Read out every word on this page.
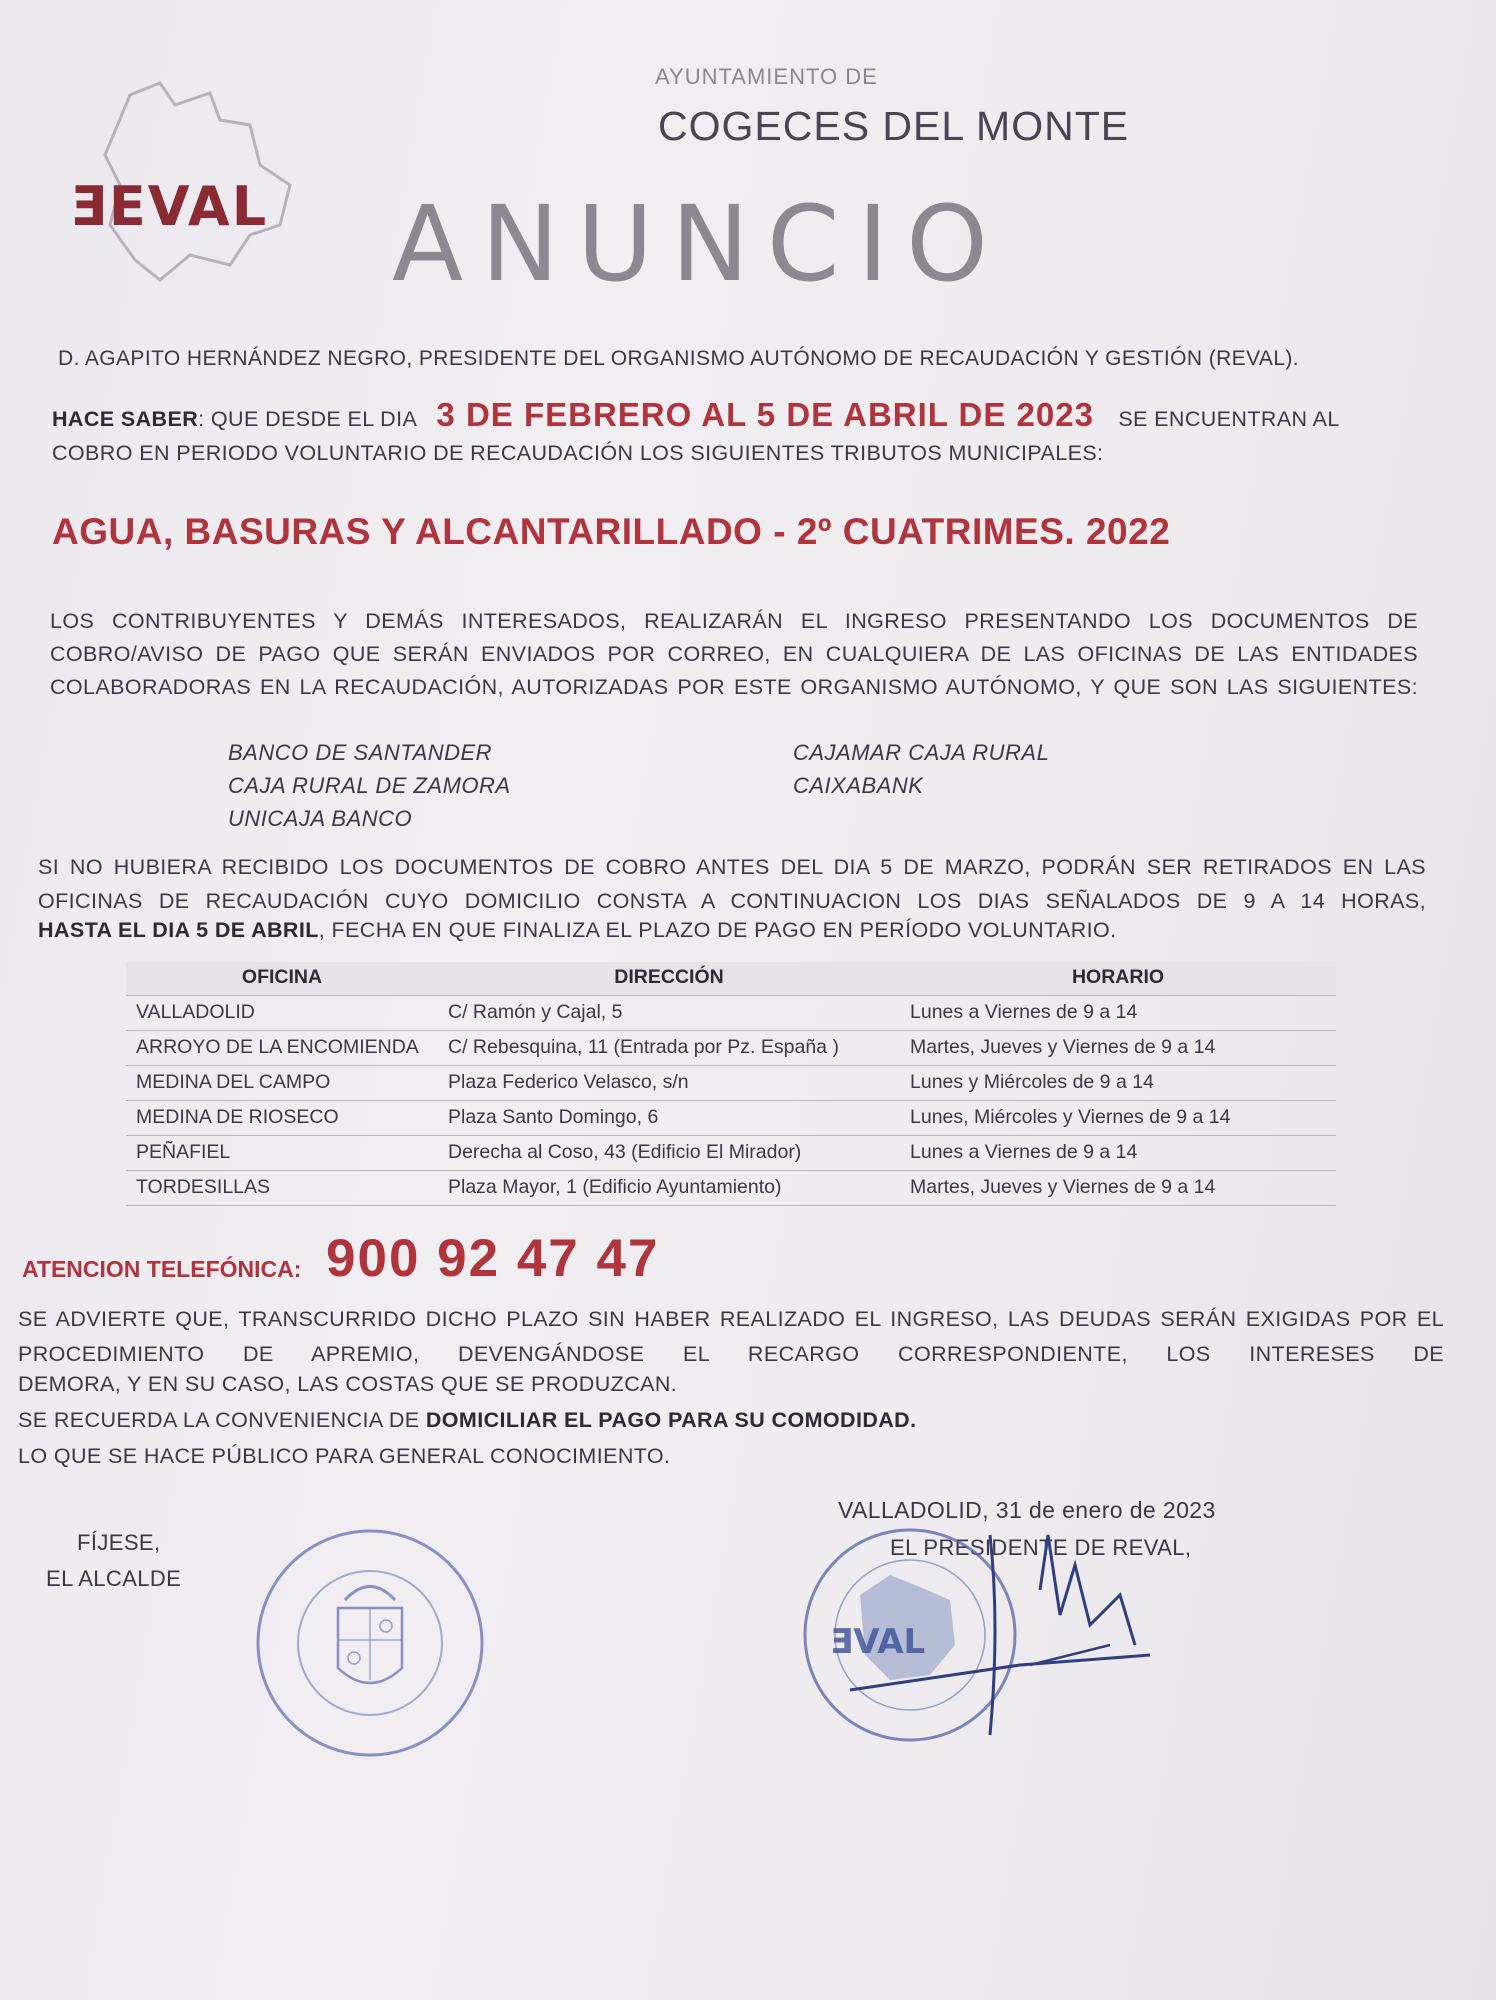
ƎEVAL
AYUNTAMIENTO DE
COGECES DEL MONTE
ANUNCIO
D. AGAPITO HERNÁNDEZ NEGRO, PRESIDENTE DEL ORGANISMO AUTÓNOMO DE RECAUDACIÓN Y GESTIÓN (REVAL).
HACE SABER: QUE DESDE EL DIA 3 DE FEBRERO AL 5 DE ABRIL DE 2023 SE ENCUENTRAN AL
COBRO EN PERIODO VOLUNTARIO DE RECAUDACIÓN LOS SIGUIENTES TRIBUTOS MUNICIPALES:
AGUA, BASURAS Y ALCANTARILLADO - 2º CUATRIMES. 2022
LOS CONTRIBUYENTES Y DEMÁS INTERESADOS, REALIZARÁN EL INGRESO PRESENTANDO LOS DOCUMENTOS DE COBRO/AVISO DE PAGO QUE SERÁN ENVIADOS POR CORREO, EN CUALQUIERA DE LAS OFICINAS DE LAS ENTIDADES COLABORADORAS EN LA RECAUDACIÓN, AUTORIZADAS POR ESTE ORGANISMO AUTÓNOMO, Y QUE SON LAS SIGUIENTES:
BANCO DE SANTANDER
CAJA RURAL DE ZAMORA
UNICAJA BANCO
CAJAMAR CAJA RURAL
CAIXABANK
SI NO HUBIERA RECIBIDO LOS DOCUMENTOS DE COBRO ANTES DEL DIA 5 DE MARZO, PODRÁN SER RETIRADOS EN LAS OFICINAS DE RECAUDACIÓN CUYO DOMICILIO CONSTA A CONTINUACION LOS DIAS SEÑALADOS DE 9 A 14 HORAS,
HASTA EL DIA 5 DE ABRIL, FECHA EN QUE FINALIZA EL PLAZO DE PAGO EN PERÍODO VOLUNTARIO.
OFICINA	DIRECCIÓN	HORARIO
VALLADOLID	C/ Ramón y Cajal, 5	Lunes a Viernes de 9 a 14
ARROYO DE LA ENCOMIENDA	C/ Rebesquina, 11 (Entrada por Pz. España )	Martes, Jueves y Viernes de 9 a 14
MEDINA DEL CAMPO	Plaza Federico Velasco, s/n	Lunes y Miércoles de 9 a 14
MEDINA DE RIOSECO	Plaza Santo Domingo, 6	Lunes, Miércoles y Viernes de 9 a 14
PEÑAFIEL	Derecha al Coso, 43 (Edificio El Mirador)	Lunes a Viernes de 9 a 14
TORDESILLAS	Plaza Mayor, 1 (Edificio Ayuntamiento)	Martes, Jueves y Viernes de 9 a 14
ATENCION TELEFÓNICA: 900 92 47 47
SE ADVIERTE QUE, TRANSCURRIDO DICHO PLAZO SIN HABER REALIZADO EL INGRESO, LAS DEUDAS SERÁN EXIGIDAS POR EL PROCEDIMIENTO DE APREMIO, DEVENGÁNDOSE EL RECARGO CORRESPONDIENTE, LOS INTERESES DE
DEMORA, Y EN SU CASO, LAS COSTAS QUE SE PRODUZCAN.
SE RECUERDA LA CONVENIENCIA DE DOMICILIAR EL PAGO PARA SU COMODIDAD.
LO QUE SE HACE PÚBLICO PARA GENERAL CONOCIMIENTO.
VALLADOLID, 31 de enero de 2023
EL PRESIDENTE DE REVAL,
FÍJESE,
EL ALCALDE
ƎVAL
